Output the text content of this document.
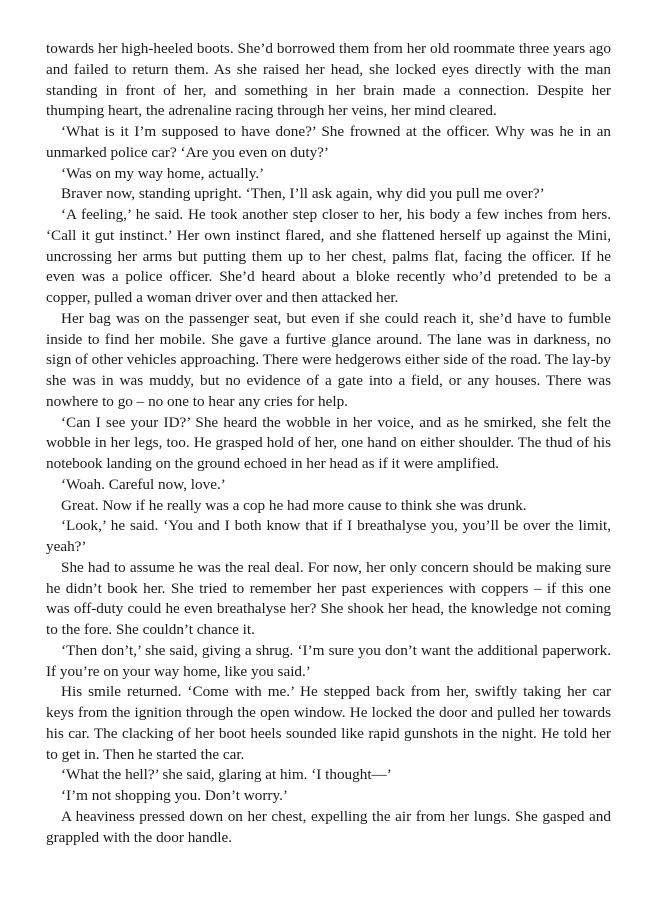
towards her high-heeled boots. She’d borrowed them from her old roommate three years ago and failed to return them. As she raised her head, she locked eyes directly with the man standing in front of her, and something in her brain made a connection. Despite her thumping heart, the adrenaline racing through her veins, her mind cleared.

‘What is it I’m supposed to have done?’ She frowned at the officer. Why was he in an unmarked police car? ‘Are you even on duty?’

‘Was on my way home, actually.’

Braver now, standing upright. ‘Then, I’ll ask again, why did you pull me over?’

‘A feeling,’ he said. He took another step closer to her, his body a few inches from hers. ‘Call it gut instinct.’ Her own instinct flared, and she flattened herself up against the Mini, uncrossing her arms but putting them up to her chest, palms flat, facing the officer. If he even was a police officer. She’d heard about a bloke recently who’d pretended to be a copper, pulled a woman driver over and then attacked her.

Her bag was on the passenger seat, but even if she could reach it, she’d have to fumble inside to find her mobile. She gave a furtive glance around. The lane was in darkness, no sign of other vehicles approaching. There were hedgerows either side of the road. The lay-by she was in was muddy, but no evidence of a gate into a field, or any houses. There was nowhere to go – no one to hear any cries for help.

‘Can I see your ID?’ She heard the wobble in her voice, and as he smirked, she felt the wobble in her legs, too. He grasped hold of her, one hand on either shoulder. The thud of his notebook landing on the ground echoed in her head as if it were amplified.

‘Woah. Careful now, love.’

Great. Now if he really was a cop he had more cause to think she was drunk.

‘Look,’ he said. ‘You and I both know that if I breathalyse you, you’ll be over the limit, yeah?’

She had to assume he was the real deal. For now, her only concern should be making sure he didn’t book her. She tried to remember her past experiences with coppers – if this one was off-duty could he even breathalyse her? She shook her head, the knowledge not coming to the fore. She couldn’t chance it.

‘Then don’t,’ she said, giving a shrug. ‘I’m sure you don’t want the additional paperwork. If you’re on your way home, like you said.’

His smile returned. ‘Come with me.’ He stepped back from her, swiftly taking her car keys from the ignition through the open window. He locked the door and pulled her towards his car. The clacking of her boot heels sounded like rapid gunshots in the night. He told her to get in. Then he started the car.

‘What the hell?’ she said, glaring at him. ‘I thought—’

‘I’m not shopping you. Don’t worry.’

A heaviness pressed down on her chest, expelling the air from her lungs. She gasped and grappled with the door handle.
